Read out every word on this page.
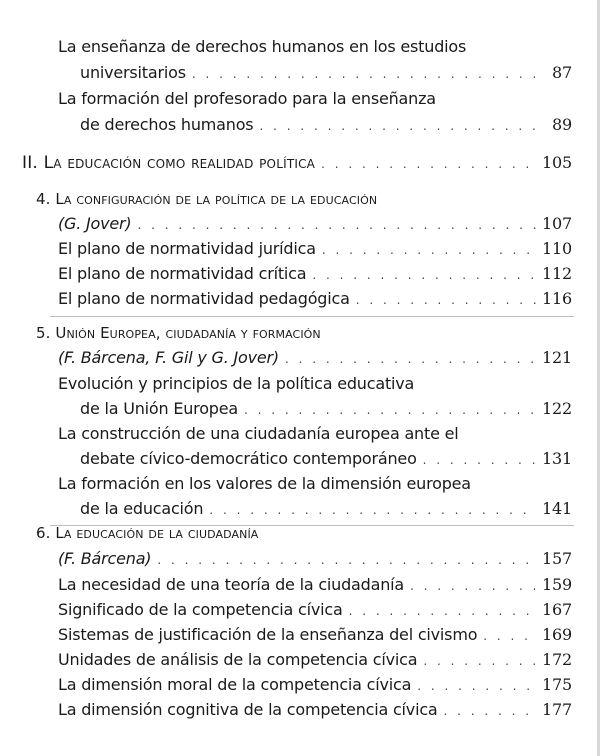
La enseñanza de derechos humanos en los estudios
universitarios . . .	87
La formación del profesorado para la enseñanza
de derechos humanos . . .	89
II. La educación como realidad política . . .	105
4. La configuración de la política de la educación
(G. Jover) . . .	107
El plano de normatividad jurídica . . .	110
El plano de normatividad crítica . . .	112
El plano de normatividad pedagógica . . .	116
5. Unión Europea, ciudadanía y formación
(F. Bárcena, F. Gil y G. Jover) . . .	121
Evolución y principios de la política educativa
de la Unión Europea . . .	122
La construcción de una ciudadanía europea ante el
debate cívico-democrático contemporáneo . . .	131
La formación en los valores de la dimensión europea
de la educación . . .	141
6. La educación de la ciudadanía
(F. Bárcena) . . .	157
La necesidad de una teoría de la ciudadanía . . .	159
Significado de la competencia cívica . . .	167
Sistemas de justificación de la enseñanza del civismo . . .	169
Unidades de análisis de la competencia cívica . . .	172
La dimensión moral de la competencia cívica . . .	175
La dimensión cognitiva de la competencia cívica . . .	177
